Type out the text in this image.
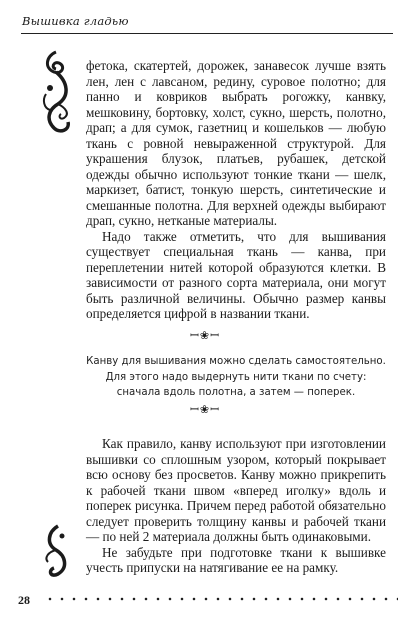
Вышивка гладью

фетока, скатертей, дорожек, занавесок лучше взять лен, лен с лавсаном, редину, суровое полотно; для панно и ковриков выбрать рогожку, канвку, мешковину, бортовку, холст, сукно, шерсть, полотно, драп; а для сумок, газетниц и кошельков — любую ткань с ровной невыраженной структурой. Для украшения блузок, платьев, рубашек, детской одежды обычно используют тонкие ткани — шелк, маркизет, батист, тонкую шерсть, синтетические и смешанные полотна. Для верхней одежды выбирают драп, сукно, нетканые материалы.

Надо также отметить, что для вышивания существует специальная ткань — канва, при переплетении нитей которой образуются клетки. В зависимости от разного сорта материала, они могут быть различной величины. Обычно размер канвы определяется цифрой в названии ткани.

ꟷ❀ꟷ
Канву для вышивания можно сделать самостоятельно.
Для этого надо выдернуть нити ткани по счету:
сначала вдоль полотна, а затем — поперек.
ꟷ❀ꟷ

Как правило, канву используют при изготовлении вышивки со сплошным узором, который покрывает всю основу без просветов. Канву можно прикрепить к рабочей ткани швом «вперед иголку» вдоль и поперек рисунка. Причем перед работой обязательно следует проверить толщину канвы и рабочей ткани — по ней 2 материала должны быть одинаковыми.

Не забудьте при подготовке ткани к вышивке учесть припуски на натягивание ее на рамку.

28
